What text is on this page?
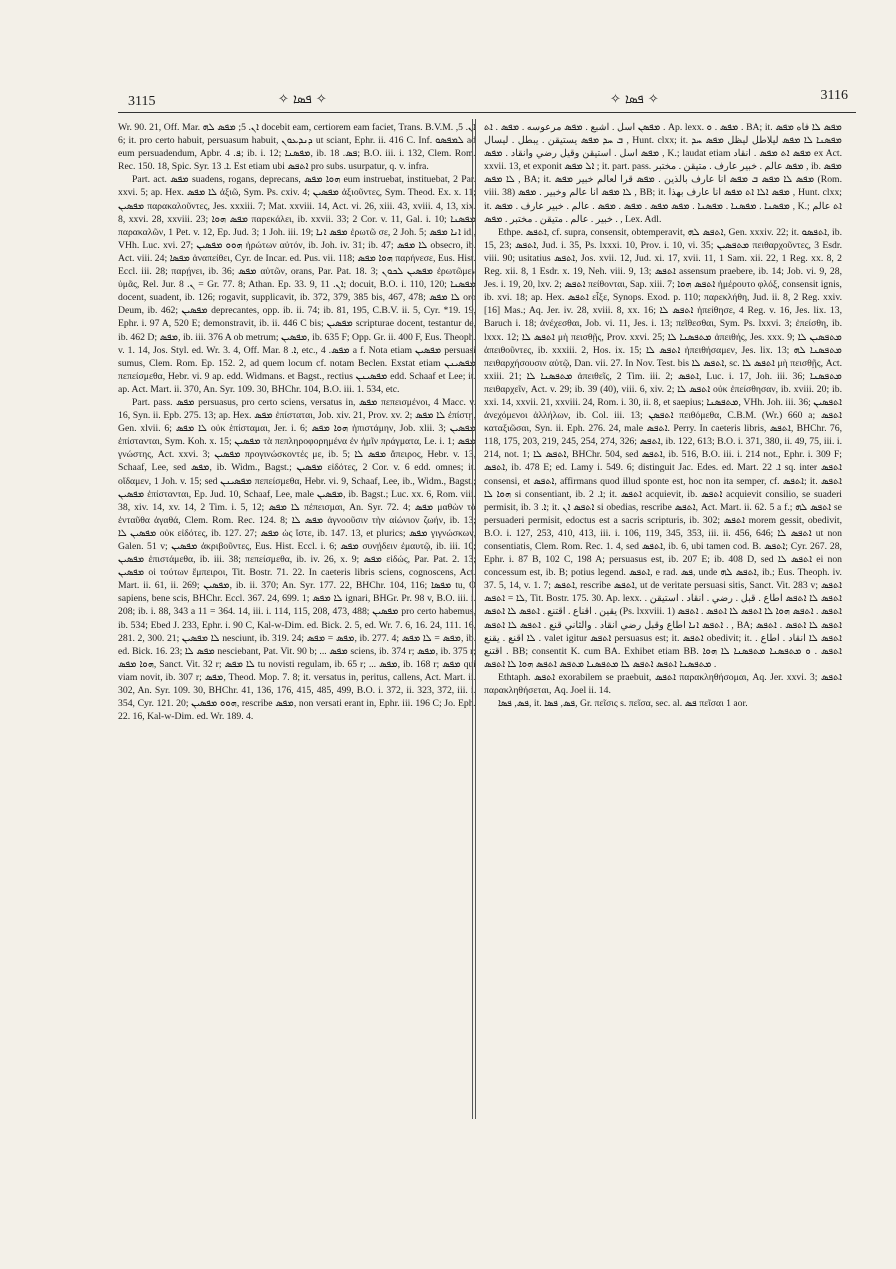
3115	✧ ܦܣܐ ✧	✧ ܦܣܐ ✧	3116

Wr. 90. 21, Off. Mar. ܐܢ. 5; ܡܦܣ ܠܗ docebit eam, certiorem eam faciet, Trans. B.V.M. ܐܢ. 5, 6; it. pro certo habuit, persuasum habuit, ܕܢܕܥܘܢ ut sciant, Ephr. ii. 416 C. Inf. ܠܡܦܣܘ ad eum persuadendum, Apbr. ܦ. 4; ib. i. 12; ܡܦܣܢܐ, ib. ܦܣ. 18; B.O. iii. i. 132, Clem. Rom. Rec. 150. 18, Spic. Syr. ܐ. 13. Est etiam ubi ܐܬܦܣ pro subs. usurpatur, q. v. infra.

Part. act. ܡܦܣ suadens, rogans, deprecans, ܗܘܐ ܡܦܣ eum instruebat, instituebat, 2 Par. xxvi. 5; ap. Hex. ܠܐ ܡܦܣ ἀξιῶ, Sym. Ps. cxiv. 4; ܡܦܣܝܢ ἀξιοῦντες, Sym. Theod. Ex. x. 11; ܡܦܣܝܢ παρακαλοῦντες, Jes. xxxiii. 7; Mat. xxviii. 14, Act. vi. 26, xiii. 43, xviii. 4, 13, xix. 8, xxvi. 28, xxviii. 23; ܡܦܣ ܗܘܐ παρεκάλει, ib. xxvii. 33; 2 Cor. v. 11, Gal. i. 10; ܡܦܣܢܐ παρακαλῶν, 1 Pet. v. 12, Ep. Jud. 3; 1 Joh. iii. 19; ܡܦܣ ܐܢܐ ἐρωτῶ σε, 2 Joh. 5; ܐܢܐ ܡܦܣ id., VHh. Luc. xvi. 27; ܗܘܘ ܡܦܣܝܢ ἠρώτων αὐτόν, ib. Joh. iv. 31; ib. 47; ܠܐ ܡܦܣ obsecro, ib. Act. viii. 24; ܡܦܣܐ ἀναπείθει, Cyr. de Incar. ed. Pus. vii. 118; ܗܘܐ ܡܦܣ παρήνεσε, Eus. Hist. Eccl. iii. 28; παρῄνει, ib. 36; ܡܦܣ αὐτῶν, orans, Par. Pat. 18. 3; ܡܦܣܝܢ ܠܟܘܢ ἐρωτῶμεν ὑμᾶς, Rel. Jur. ܢ. 8 = Gr. 77. 8; Athan. Ep. 33. 9, ܐܢ. 11; docuit, B.O. i. 110, 120; ܡܦܣܢܐ docent, suadent, ib. 126; rogavit, supplicavit, ib. 372, 379, 385 bis, 467, 478; ܠܐ ܡܦܣ oro Deum, ib. 462; ܡܦܣܝܢ deprecantes, opp. ib. ii. 74; ib. 81, 195, C.B.V. ii. 5, Cyr. *19. 19, Ephr. i. 97 A, 520 E; demonstravit, ib. ii. 446 C bis; ܡܦܣܝܢ scripturae docent, testantur de, ib. 462 D; ܡܦܣ, ib. iii. 376 A ob metrum; ܡܦܣܝܢ, ib. 635 F; Opp. Gr. ii. 400 F, Eus. Theoph. v. 1. 14, Jos. Styl. ed. Wr. 3. 4, Off. Mar. ܐ. 8, etc., ܡܦܣ. 4 a f. Nota etiam ܡܦܣܝܢ persuasi sumus, Clem. Rom. Ep. 152. 2, ad quem locum cf. notam Beclen. Exstat etiam ܡܦܣܝܢܢ πεπείσμεθα, Hebr. vi. 9 ap. edd. Widmans. et Bagst., rectius ܡܦܣܝܢܢ edd. Schaaf et Lee; it. ap. Act. Mart. ii. 370, An. Syr. 109. 30, BHChr. 104, B.O. iii. 1. 534, etc.

Part. pass. ܡܦܣ persuasus, pro certo sciens, versatus in, ܡܦܣ πεπεισμένοι, 4 Macc. v. 16, Syn. ii. Epb. 275. 13; ap. Hex. ܡܦܣ ἐπίσταται, Job. xiv. 21, Prov. xv. 2; ܠܐ ܡܦܣ ἐπίστῃ, Gen. xlvii. 6; ܠܐ ܡܦܣ οὐκ ἐπίσταμαι, Jer. i. 6; ܗܘܐ ܡܦܣ ἠπιστάμην, Job. xlii. 3; ܡܦܣܝܢ ἐπίστανται, Sym. Koh. x. 15; ܡܦܣܝܢ τὰ πεπληροφορημένα ἐν ἡμῖν πράγματα, Le. i. 1; ܡܦܣ γνώστης, Act. xxvi. 3; ܡܦܣܝܢ προγινώσκοντές με, ib. 5; ܡܦܣ ܠܐ ἄπειρος, Hebr. v. 13, Schaaf, Lee, sed ܡܦܣ, ib. Widm., Bagst.; ܡܦܣܝܢ εἰδότες, 2 Cor. v. 6 edd. omnes; it. οἴδαμεν, 1 Joh. v. 15; sed ܡܦܣܝܢܢ πεπείσμεθα, Hebr. vi. 9, Schaaf, Lee, ib., Widm., Bagst.; ܡܦܣܝܢ ἐπίστανται, Ep. Jud. 10, Schaaf, Lee, male ܡܦܣܝܢ, ib. Bagst.; Luc. xx. 6, Rom. viii. 38, xiv. 14, xv. 14, 2 Tim. i. 5, 12; ܠܐ ܡܦܣ πέπεισμαι, An. Syr. 72. 4; ܡܦܣ μαθὼν τὰ ἐνταῦθα ἀγαθά, Clem. Rom. Rec. 124. 8; ܡܦܣ ܠܐ ἀγνοοῦσιν τὴν αἰώνιον ζωήν, ib. 13; ܡܦܣܝܢ ܠܐ οὐκ εἰδότες, ib. 127. 27; ܡܦܣ ὡς ἴστε, ib. 147. 13, et plurics; ܡܦܣ γιγνώσκων, Galen. 51 v; ܡܦܣܝܢ ἀκριβοῦντες, Eus. Hist. Eccl. i. 6; ܡܦܣ συνῄδειν ἐμαυτῷ, ib. iii. 10; ܡܦܣܝܢ ἐπιστάμεθα, ib. iii. 38; πεπείσμεθα, ib. iv. 26, x. 9; ܡܦܣ εἰδώς, Par. Pat. 2. 13; ܡܦܣܝܢ οἱ τούτων ἔμπειροι, Tit. Bostr. 71. 22. In caeteris libris sciens, cognoscens, Act. Mart. ii. 61, ii. 269; ܡܦܣܝܢ, ib. ii. 370; An. Syr. 177. 22, BHChr. 104, 116; ܡܦܣܐ tu, O sapiens, bene scis, BHChr. Eccl. 367. 24, 699. 1; ܠܐ ܡܦܣ ignari, BHGr. Pr. 98 v, B.O. iii. i. 208; ib. i. 88, 343 a 11 = 364. 14, iii. i. 114, 115, 208, 473, 488; ܡܦܣܝܢ pro certo habemus, ib. 534; Ebed J. 233, Ephr. i. 90 C, Kal-w-Dim. ed. Bick. 2. 5, ed. Wr. 7. 6, 16. 24, 111. 16, 281. 2, 300. 21; ܠܐ ܡܦܣܝܢ nesciunt, ib. 319. 24; ܡܦܣ = ܡܦܣ, ib. 277. 4; ܡܦܣ = ܠܐ ܡܦܣ, ib. ed. Bick. 16. 23; ܡܦܣ ܠܐ nesciebant, Pat. Vit. 90 b; ... ܡܦܣ sciens, ib. 374 r; ܡܦܣ, ib. 375 r; ܗܘܐ ܡܦܣ, Sanct. Vit. 32 r; ܠܐ ܡܦܣ tu novisti regulam, ib. 65 r; ... ܡܦܣ, ib. 168 r; ܡܦܣ qui viam novit, ib. 307 r; ܡܦܣ, Theod. Mop. 7. 8; it. versatus in, peritus, callens, Act. Mart. ii. 302, An. Syr. 109. 30, BHChr. 41, 136, 176, 415, 485, 499, B.O. i. 372, ii. 323, 372, iii. i. 354, Cyr. 121. 20; ܗܘܘ ܡܦܣܝܢ, rescribe ܡܦܣ, non versati erant in, Ephr. iii. 196 C; Jo. Eph. 22. 16, Kal-w-Dim. ed. Wr. 189. 4.

ܡܦܣܢ اسل . اشبع . ܡܦܣ مرعوسه . ܡܦܣ . ܐܬ . Ap. lexx. ܡܦܣ . ܘ . BA; it. ܡܦܣ ܠܐ فاه ܡܦܣ ܒ ܚܕ ܡܦܣ يستيقن . يبطل . ليسال , Hunt. clxx; it. ܡܦܣܢܐ ܠܐ ܡܦܣ ليلاطل ليظل ܡܦܣ ܚܕ ܡܦܣ اسل . استيقن وقيل رضي وانقاد . ܡܦܣ , K.; laudat etiam ܡܦܣ ܐܬ ܡܦܣ . انقاد ex Act. xxvii. 13, et exponit ܐܠ ܡܦܣ ; it. part. pass. ܡܦܣ عالم . خبير عارف . متيقن . مختبر , ib. ܡܦܣ ܠܐ ܡܦܣ , BA; it. ܡܦܣ ܠܐ ܡܦܣ ܒ ܡܦܣ انا عارف بالذين . ܡܦܣ قرا لعالم خبير ܡܦܣ (Rom. viii. 38) ܠܐ ܡܦܣ انا عالم وخبير . ܡܦܣ , BB; it. ܡܦܣ ܐܠܐ ܐܬ ܡܦܣ انا عارف بهذا , Hunt. clxx; it. ܡܦܣܢܐ . ܡܦܣܢܐ . ܡܦܣܢܐ . ܡܦܣ ܡܦܣ . ܡܦܣ . ܡܦܣ . عالم . خبير عارف . ܡܦܣ , K.; ܐܬ عالم . خبير . عالم . متيقن . مختبر . ܡܦܣ , Lex. Adl.

Ethpe. ܐܬܦܣ, cf. supra, consensit, obtemperavit, ܐܬܦܣ ܠܗ, Gen. xxxiv. 22; it. ܐܬܦܣܘ, ib. 15, 23; ܐܬܦܣ, Jud. i. 35, Ps. lxxxi. 10, Prov. i. 10, vi. 35; ܡܬܦܣܝܢ πειθαρχοῦντες, 3 Esdr. viii. 90; usitatius ܐܬܦܣ, Jos. xvii. 12, Jud. xi. 17, xvii. 11, 1 Sam. xii. 22, 1 Reg. xx. 8, 2 Reg. xii. 8, 1 Esdr. x. 19, Neh. viii. 9, 13; ܐܬܦܣ assensum praebere, ib. 14; Job. vi. 9, 28, Jes. i. 19, 20, lxv. 2; ܐܬܦܣ πείθονται, Sap. xiii. 7; ܐܬܦܣ ܗܘܐ ἡμέρουτο φλόξ, consensit ignis, ib. xvi. 18; ap. Hex. ܐܬܦܣ εἶξε, Synops. Exod. p. 110; παρεκλήθη, Jud. ii. 8, 2 Reg. xxiv. [16] Mas.; Aq. Jer. iv. 28, xviii. 8, xx. 16; ܐܬܦܣ ܠܐ ἠπείθησε, 4 Reg. v. 16, Jes. lix. 13, Baruch i. 18; ἀνέχεσθαι, Job. vi. 11, Jes. i. 13; πεῖθεσθαι, Sym. Ps. lxxvi. 3; ἐπείσθη, ib. lxxx. 12; ܐܬܦܣ ܠܐ μὴ πεισθῇς, Prov. xxvi. 25; ܡܬܦܣܢܐ ܠܐ ἀπειθής, Jes. xxx. 9; ܡܬܦܣܝܢ ܠܐ ἀπειθοῦντες, ib. xxxiii. 2, Hos. ix. 15; ܐܬܦܣ ܠܐ ἠπειθήσαμεν, Jes. lix. 13; ܡܬܦܣܢܐ ܠܗ πειθαρχήσουσιν αὐτῷ, Dan. vii. 27. In Nov. Test. bis ܐܬܦܣ ܠܐ, sc. ܐܬܦܣ ܠܐ μὴ πεισθῇς, Act. xxiii. 21; ܡܬܦܣܢܐ ܠܐ ἀπειθεῖς, 2 Tim. iii. 2; ܐܬܦܣ, Luc. i. 17, Joh. iii. 36; ܡܬܦܣܢܐ πειθαρχεῖν, Act. v. 29; ib. 39 (40), viii. 6, xiv. 2; ܐܬܦܣ ܠܐ οὐκ ἐπείσθησαν, ib. xviii. 20; ib. xxi. 14, xxvii. 21, xxviii. 24, Rom. i. 30, ii. 8, et saepius; ܡܬܦܣܢܐ, VHh. Joh. iii. 36; ܐܬܦܣܝܢ ἀνεχόμενοι ἀλλήλων, ib. Col. iii. 13; ܐܬܦܣܢ πειθόμεθα, C.B.M. (Wr.) 660 a; ܐܬܦܣ καταξιῶσαι, Syn. ii. Eph. 276. 24, male ܐܬܦܣ. Perry. In caeteris libris, ܐܬܦܣ, BHChr. 76, 118, 175, 203, 219, 245, 254, 274, 326; ܐܬܦܣ, ib. 122, 613; B.O. i. 371, 380, ii. 49, 75, iii. i. 214, not. 1; ܐܬܦܣ ܠܐ, BHChr. 504, sed ܐܬܦܣ, ib. 516, B.O. iii. i. 214 not., Ephr. i. 309 F; ܐܬܦܣ, ib. 478 E; ed. Lamy i. 549. 6; distinguit Jac. Edes. ed. Mart. ܐ. 22 sq. inter ܐܬܦܣ consensi, et ܐܬܦܣ, affirmans quod illud sponte est, hoc non ita semper, cf. ܐܬܦܣ; it. ܐܬܦܣ ܗܘܐ ܠܐ si consentiant, ib. ܐ. 2; it. ܐܬܦܣ acquievit, ib. ܐܬܦܣ acquievit consilio, se suaderi permisit, ib. ܐ. 3; it. ܐܬܦܣ ܐܢ si obedias, rescribe ܐܬܦܣ, Act. Mart. ii. 62. 5 a f.; ܐܬܦܣ ܠܗ se persuaderi permisit, edoctus est a sacris scripturis, ib. 302; ܐܬܦܣ morem gessit, obedivit, B.O. i. 127, 253, 410, 413, iii. i. 106, 119, 345, 353, iii. ii. 456, 646; ܐܬܦܣ ܠܐ ut non consentiatis, Clem. Rom. Rec. 1. 4, sed ܐܬܦܣ, ib. 6, ubi tamen cod. B. ܐܬܦܣ; Cyr. 267. 28, Ephr. i. 87 B, 102 C, 198 A; persuasus est, ib. 207 E; ib. 408 D, sed ܐܬܦܣ ܠܐ ei non concessum est, ib. B; potius legend. ܐܬܦܣ, e rad. ܦܣ, unde ܐܬܦܣ ܠܗ, ib.; Eus. Theoph. iv. 37. 5, 14, v. 1. 7; ܐܬܦܣ, rescribe ܐܬܦܣ, ut de veritate persuasi sitis, Sanct. Vit. 283 v; ܐܬܦܣ ܠܐ = ܐܬܦܣ, Tit. Bostr. 175. 30. Ap. lexx. ܐܬܦܣ ܠܐ ܐܬܦܣ اطاع . قبل . رضي . انقاد . استيقن . يقين . اقناع . اقتنع . ܐܬܦܣ ܠܐ ܐܬܦܣ (Ps. lxxviii. 1) ܐܬܦܣ . ܐܬܦܣ ܗܘܐ ܠܐ ܐܬܦܣ ܠܐ ܐܬܦܣ . ܐܬܦܣ . ܐܬܦܣ ܐܢܐ اطاع وقبل رضي انقاد . والثاني قنع . ܐܬܦܣ ܠܐ ܐܬܦܣ , BA; ܐܬܦܣ ܠܐ ܐܬܦܣ . ܐܬܦܣ ܠܐ اقنع . يقنع . valet igitur ܐܬܦܣ persuasus est; it. ܐܬܦܣ obedivit; it. ܐܬܦܣ ܠܐ انقاد . اطاع . اقتنع . BB; consentit K. cum BA. Exhibet etiam BB. ܐܬܦܣ . ܘ ܡܬܦܣܢܐ ܡܬܦܣܢܐ ܠܐ ܗܘܐ ܡܬܦܣܢܐ ܐܬܦܣ ܐܬܦܣ ܠܐ ܡܬܦܣܢܐ ܡܬܦܣ ܐܬܦܣ ܗܘܐ ܠܐ ܐܬܦܣ .

Ethtaph. ܐܬܦܣ exorabilem se praebuit, ܐܬܦܣ παρακληθήσομαι, Aq. Jer. xxvi. 3; ܐܬܦܣ παρακληθήσεται, Aq. Joel ii. 14.

ܦܣ, ܦܣܐ, it. ܦܣ, ܦܣܐ, Gr. πεῖσις s. πεῖσα, sec. al. ܦܣ πεῖσαι 1 aor.
